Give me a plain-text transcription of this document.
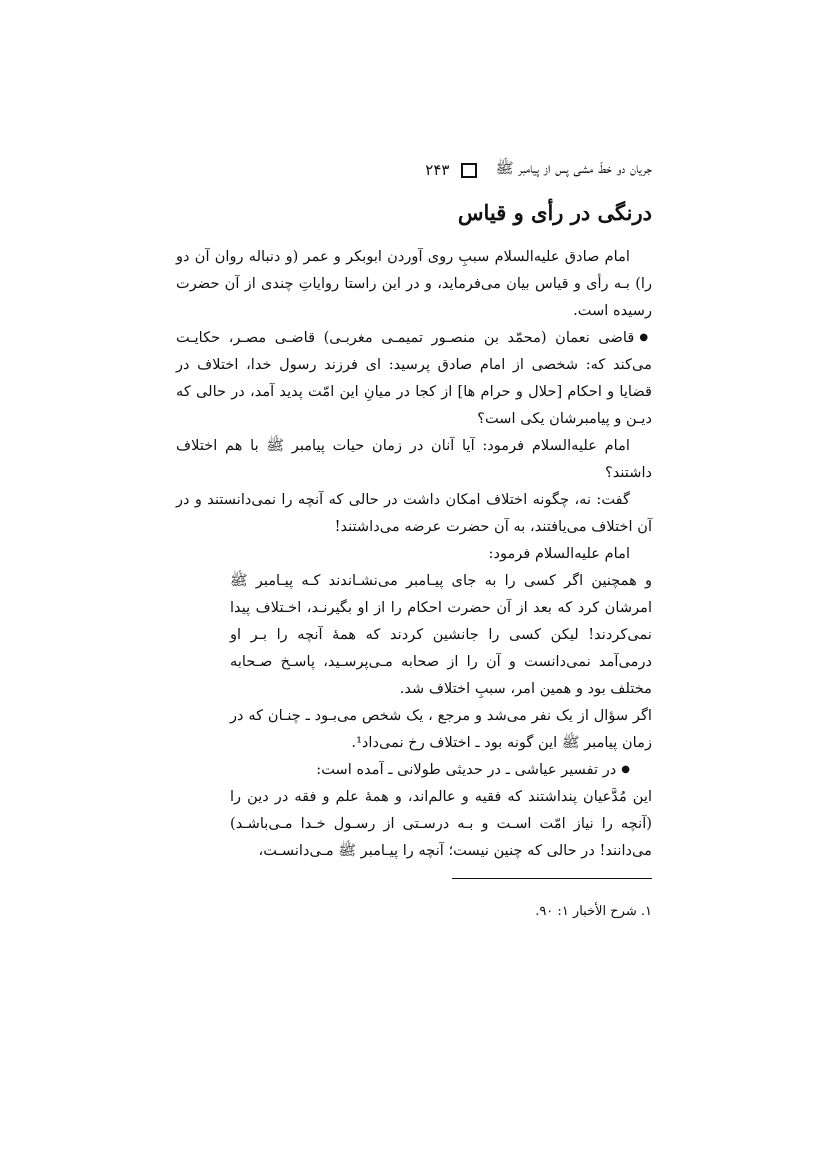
جریان دو خطّ مشی پس از پیامبر ﷺ
۲۴۳
درنگی در رأی و قیاس

امام صادق علیه‌السلام سببِ روی آوردن ابوبکر و عمر (و دنباله روان آن دو را) بـه رأی و قیاس بیان می‌فرماید، و در این راستا روایاتِ چندی از آن حضرت رسیده است.

● قاضی نعمان (محمّد بن منصـور تمیمـی مغربـی) قاضـی مصـر، حکایـت می‌کند که: شخصی از امام صادق پرسید: ای فرزند رسول خدا، اختلاف در قضایا و احکام [حلال و حرام ها] از کجا در میانِ این امّت پدید آمد، در حالی که دیـن و پیامبرشان یکی است؟

امام علیه‌السلام فرمود: آیا آنان در زمان حیات پیامبر ﷺ با هم اختلاف داشتند؟

گفت: نه، چگونه اختلاف امکان داشت در حالی که آنچه را نمی‌دانستند و در آن اختلاف می‌یافتند، به آن حضرت عرضه می‌داشتند!

امام علیه‌السلام فرمود:

و همچنین اگر کسی را به جای پیـامبر می‌نشـاندند کـه پیـامبر ﷺ امرشان کرد که بعد از آن حضرت احکام را از او بگیرنـد، اخـتلاف پیدا نمی‌کردند! لیکن کسی را جانشین کردند که همهٔ آنچه را بـر او درمی‌آمد نمی‌دانست و آن را از صحابه مـی‌پرسـید، پاسـخ صـحابه مختلف بود و همین امر، سببِ اختلاف شد.

اگر سؤال از یک نفر می‌شد و مرجع ، یک شخص می‌بـود ـ چنـان که در زمان پیامبر ﷺ این گونه بود ـ اختلاف رخ نمی‌داد¹.

● در تفسیر عیاشی ـ در حدیثی طولانی ـ آمده است:

این مُدَّعیان پنداشتند که فقیه و عالم‌اند، و همهٔ علم و فقه در دین را (آنچه را نیاز امّت اسـت و بـه درسـتی از رسـول خـدا مـی‌باشـد) می‌دانند! در حالی که چنین نیست؛ آنچه را پیـامبر ﷺ مـی‌دانسـت،

۱. شرح الأخبار ۱: ۹۰.
